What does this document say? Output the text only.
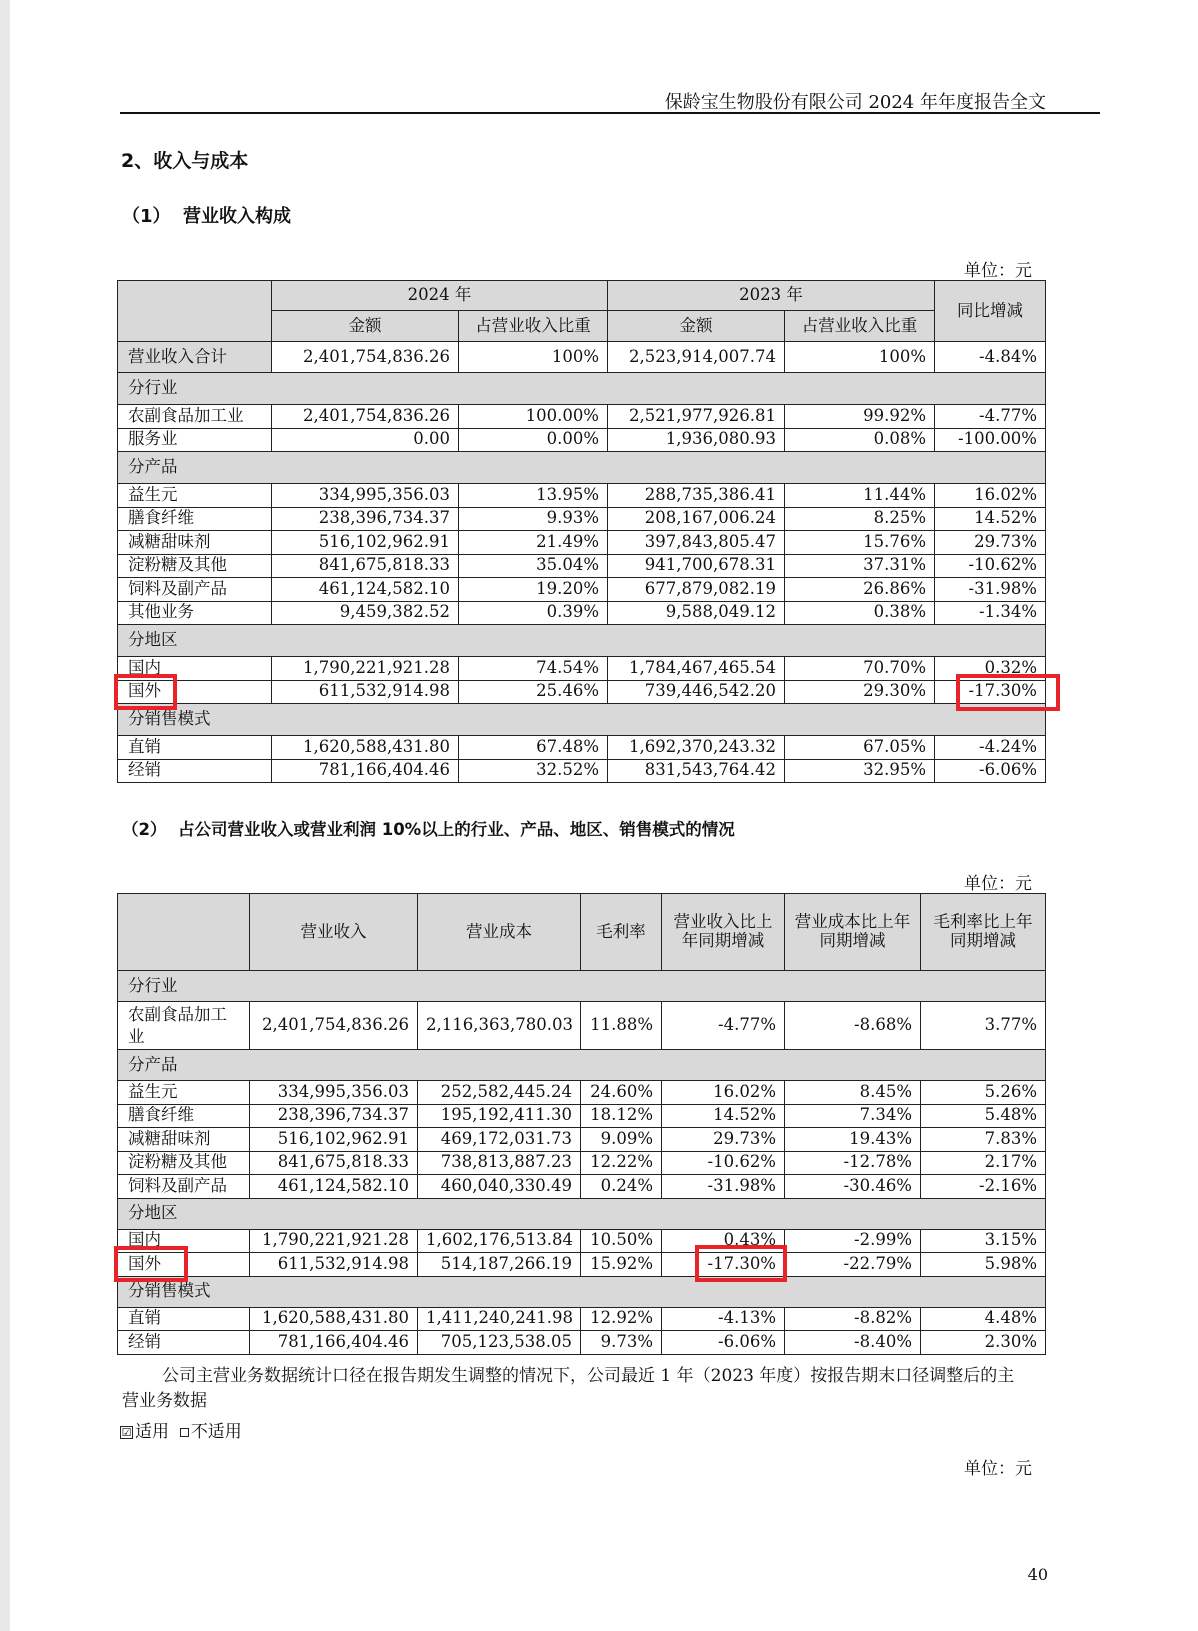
保龄宝生物股份有限公司 2024 年年度报告全文
2、收入与成本
（1）  营业收入构成
单位：元
	2024 年		2023 年		同比增减
	金额	占营业收入比重	金额	占营业收入比重	
营业收入合计	2,401,754,836.26	100%	2,523,914,007.74	100%	-4.84%
分行业					
农副食品加工业	2,401,754,836.26	100.00%	2,521,977,926.81	99.92%	-4.77%
服务业	0.00	0.00%	1,936,080.93	0.08%	-100.00%
分产品					
益生元	334,995,356.03	13.95%	288,735,386.41	11.44%	16.02%
膳食纤维	238,396,734.37	9.93%	208,167,006.24	8.25%	14.52%
减糖甜味剂	516,102,962.91	21.49%	397,843,805.47	15.76%	29.73%
淀粉糖及其他	841,675,818.33	35.04%	941,700,678.31	37.31%	-10.62%
饲料及副产品	461,124,582.10	19.20%	677,879,082.19	26.86%	-31.98%
其他业务	9,459,382.52	0.39%	9,588,049.12	0.38%	-1.34%
分地区					
国内	1,790,221,921.28	74.54%	1,784,467,465.54	70.70%	0.32%
国外	611,532,914.98	25.46%	739,446,542.20	29.30%	-17.30%
分销售模式					
直销	1,620,588,431.80	67.48%	1,692,370,243.32	67.05%	-4.24%
经销	781,166,404.46	32.52%	831,543,764.42	32.95%	-6.06%
（2）  占公司营业收入或营业利润 10%以上的行业、产品、地区、销售模式的情况
单位：元
	营业收入	营业成本	毛利率	营业收入比上年同期增减	营业成本比上年同期增减	毛利率比上年同期增减
分行业						
农副食品加工业	2,401,754,836.26	2,116,363,780.03	11.88%	-4.77%	-8.68%	3.77%
分产品						
益生元	334,995,356.03	252,582,445.24	24.60%	16.02%	8.45%	5.26%
膳食纤维	238,396,734.37	195,192,411.30	18.12%	14.52%	7.34%	5.48%
减糖甜味剂	516,102,962.91	469,172,031.73	9.09%	29.73%	19.43%	7.83%
淀粉糖及其他	841,675,818.33	738,813,887.23	12.22%	-10.62%	-12.78%	2.17%
饲料及副产品	461,124,582.10	460,040,330.49	0.24%	-31.98%	-30.46%	-2.16%
分地区						
国内	1,790,221,921.28	1,602,176,513.84	10.50%	0.43%	-2.99%	3.15%
国外	611,532,914.98	514,187,266.19	15.92%	-17.30%	-22.79%	5.98%
分销售模式						
直销	1,620,588,431.80	1,411,240,241.98	12.92%	-4.13%	-8.82%	4.48%
经销	781,166,404.46	705,123,538.05	9.73%	-6.06%	-8.40%	2.30%
公司主营业务数据统计口径在报告期发生调整的情况下，公司最近 1 年（2023 年度）按报告期末口径调整后的主营业务数据
☑ 适用 不适用
单位：元
40
